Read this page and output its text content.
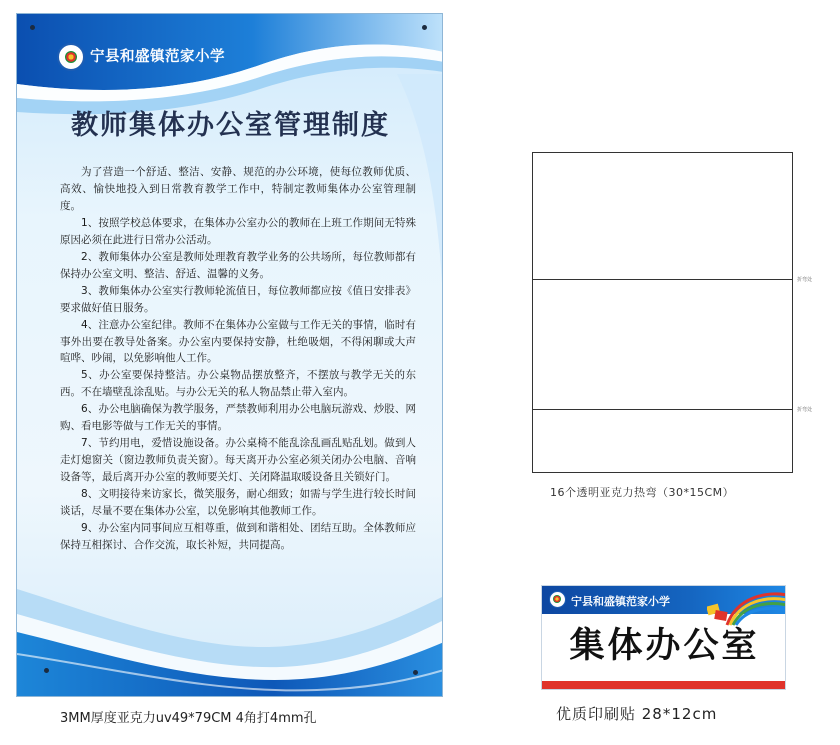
宁县和盛镇范家小学
教师集体办公室管理制度

为了营造一个舒适、整洁、安静、规范的办公环境，使每位教师优质、高效、愉快地投入到日常教育教学工作中，特制定教师集体办公室管理制度。

1、按照学校总体要求，在集体办公室办公的教师在上班工作期间无特殊原因必须在此进行日常办公活动。

2、教师集体办公室是教师处理教育教学业务的公共场所，每位教师都有保持办公室文明、整洁、舒适、温馨的义务。

3、教师集体办公室实行教师轮流值日，每位教师都应按《值日安排表》要求做好值日服务。

4、注意办公室纪律。教师不在集体办公室做与工作无关的事情，临时有事外出要在教导处备案。办公室内要保持安静，杜绝吸烟，不得闲聊或大声喧哗、吵闹，以免影响他人工作。

5、办公室要保持整洁。办公桌物品摆放整齐，不摆放与教学无关的东西。不在墙壁乱涂乱贴。与办公无关的私人物品禁止带入室内。

6、办公电脑确保为教学服务，严禁教师利用办公电脑玩游戏、炒股、网购、看电影等做与工作无关的事情。

7、节约用电，爱惜设施设备。办公桌椅不能乱涂乱画乱贴乱划。做到人走灯熄窗关（窗边教师负责关窗）。每天离开办公室必须关闭办公电脑、音响设备等，最后离开办公室的教师要关灯、关闭降温取暖设备且关锁好门。

8、文明接待来访家长，微笑服务，耐心细致；如需与学生进行较长时间谈话，尽量不要在集体办公室，以免影响其他教师工作。

9、办公室内同事间应互相尊重，做到和谐相处、团结互助。全体教师应保持互相探讨、合作交流，取长补短，共同提高。

3MM厚度亚克力uv49*79CM 4角打4mm孔
折弯处
折弯处
16个透明亚克力热弯（30*15CM）
宁县和盛镇范家小学
集体办公室
优质印刷贴 28*12cm
